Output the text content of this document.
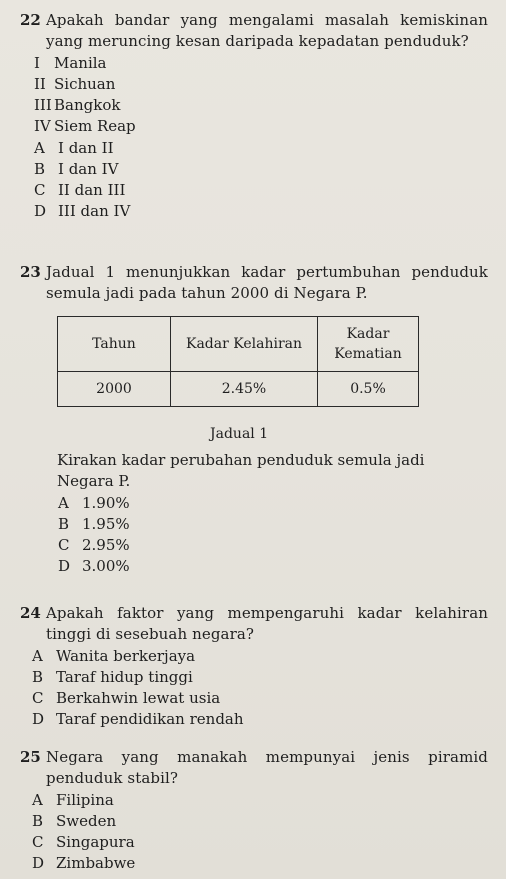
22 Apakah bandar yang mengalami masalah kemiskinan yang meruncing kesan daripada kepadatan penduduk?
I Manila
II Sichuan
III Bangkok
IV Siem Reap
A I dan II
B I dan IV
C II dan III
D III dan IV
23 Jadual 1 menunjukkan kadar pertumbuhan penduduk semula jadi pada tahun 2000 di Negara P.
Tahun	Kadar Kelahiran	Kadar Kematian
2000	2.45%	0.5%
Jadual 1
Kirakan kadar perubahan penduduk semula jadi Negara P.
A 1.90%
B 1.95%
C 2.95%
D 3.00%
24 Apakah faktor yang mempengaruhi kadar kelahiran tinggi di sesebuah negara?
A Wanita berkerjaya
B Taraf hidup tinggi
C Berkahwin lewat usia
D Taraf pendidikan rendah
25 Negara yang manakah mempunyai jenis piramid penduduk stabil?
A Filipina
B Sweden
C Singapura
D Zimbabwe
